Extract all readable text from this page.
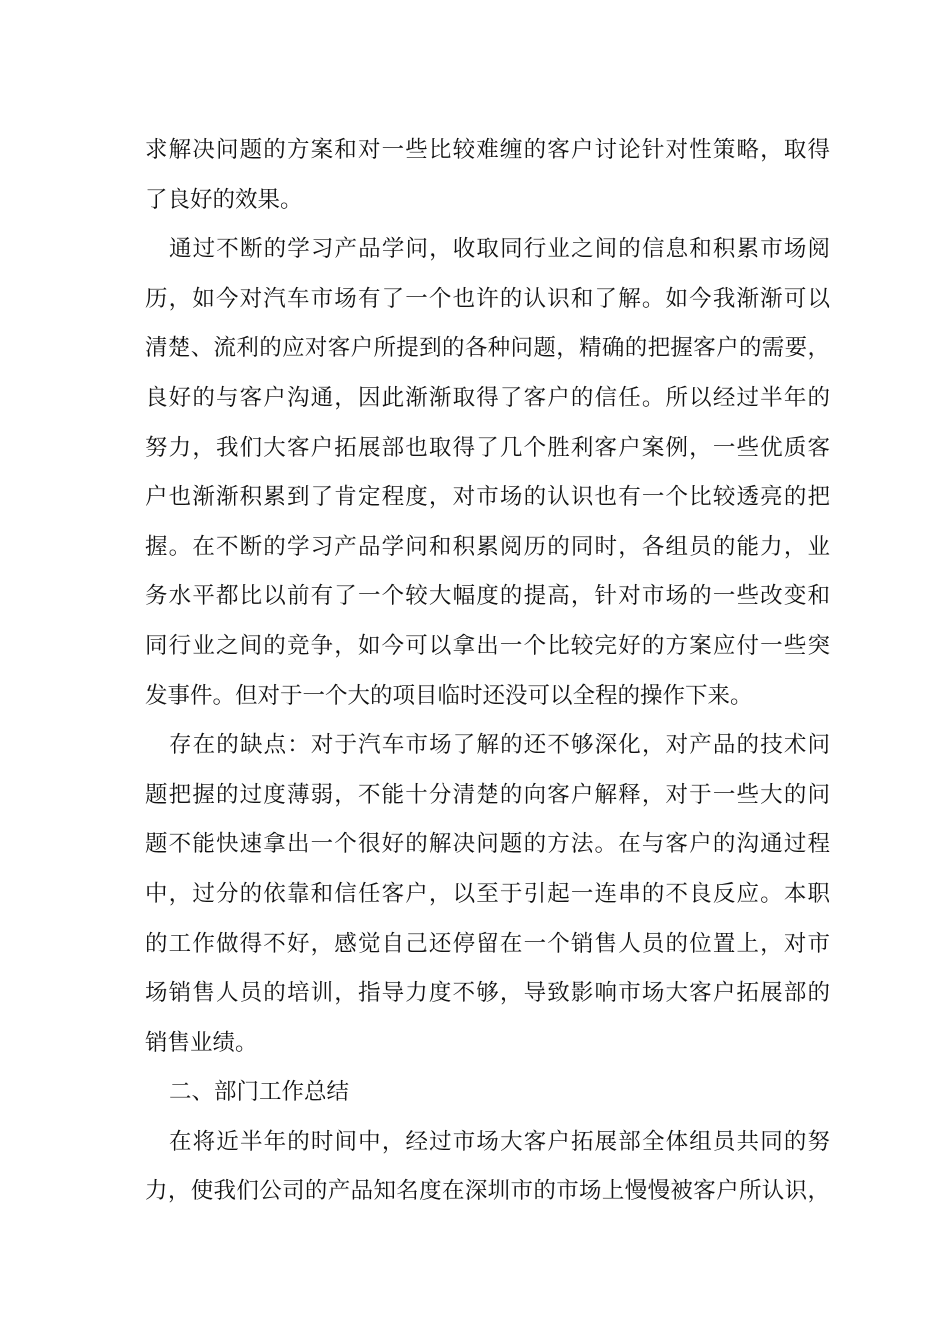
求解决问题的方案和对一些比较难缠的客户讨论针对性策略，取得
了良好的效果。
通过不断的学习产品学问，收取同行业之间的信息和积累市场阅
历，如今对汽车市场有了一个也许的认识和了解。如今我渐渐可以
清楚、流利的应对客户所提到的各种问题，精确的把握客户的需要，
良好的与客户沟通，因此渐渐取得了客户的信任。所以经过半年的
努力，我们大客户拓展部也取得了几个胜利客户案例，一些优质客
户也渐渐积累到了肯定程度，对市场的认识也有一个比较透亮的把
握。在不断的学习产品学问和积累阅历的同时，各组员的能力，业
务水平都比以前有了一个较大幅度的提高，针对市场的一些改变和
同行业之间的竞争，如今可以拿出一个比较完好的方案应付一些突
发事件。但对于一个大的项目临时还没可以全程的操作下来。
存在的缺点：对于汽车市场了解的还不够深化，对产品的技术问
题把握的过度薄弱，不能十分清楚的向客户解释，对于一些大的问
题不能快速拿出一个很好的解决问题的方法。在与客户的沟通过程
中，过分的依靠和信任客户，以至于引起一连串的不良反应。本职
的工作做得不好，感觉自己还停留在一个销售人员的位置上，对市
场销售人员的培训，指导力度不够，导致影响市场大客户拓展部的
销售业绩。
二、部门工作总结
在将近半年的时间中，经过市场大客户拓展部全体组员共同的努
力，使我们公司的产品知名度在深圳市的市场上慢慢被客户所认识，
